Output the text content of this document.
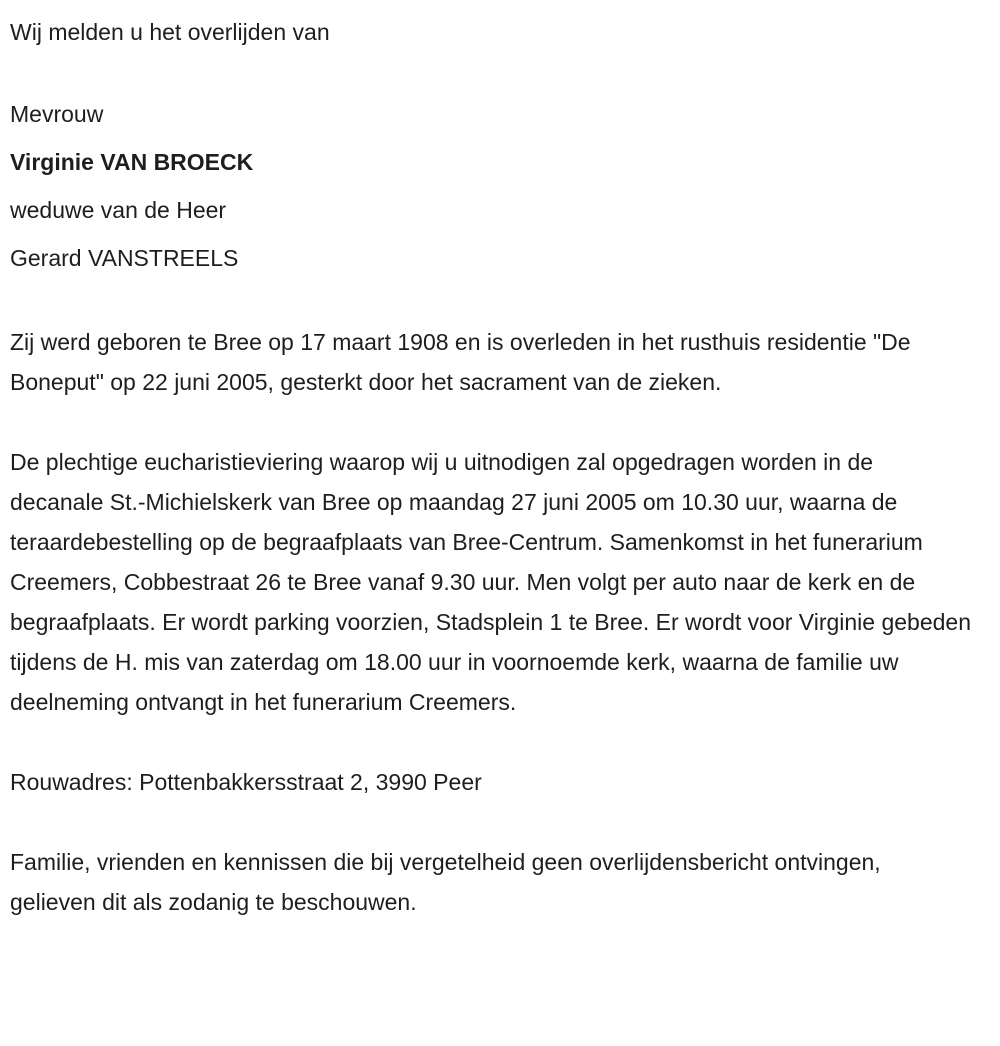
Wij melden u het overlijden van
Mevrouw
Virginie VAN BROECK
weduwe van de Heer
Gerard VANSTREELS
Zij werd geboren te Bree op 17 maart 1908 en is overleden in het rusthuis residentie "De Boneput" op 22 juni 2005, gesterkt door het sacrament van de zieken.
De plechtige eucharistieviering waarop wij u uitnodigen zal opgedragen worden in de decanale St.-Michielskerk van Bree op maandag 27 juni 2005 om 10.30 uur, waarna de teraardebestelling op de begraafplaats van Bree-Centrum. Samenkomst in het funerarium Creemers, Cobbestraat 26 te Bree vanaf 9.30 uur. Men volgt per auto naar de kerk en de begraafplaats. Er wordt parking voorzien, Stadsplein 1 te Bree. Er wordt voor Virginie gebeden tijdens de H. mis van zaterdag om 18.00 uur in voornoemde kerk, waarna de familie uw deelneming ontvangt in het funerarium Creemers.
Rouwadres: Pottenbakkersstraat 2, 3990 Peer
Familie, vrienden en kennissen die bij vergetelheid geen overlijdensbericht ontvingen, gelieven dit als zodanig te beschouwen.
